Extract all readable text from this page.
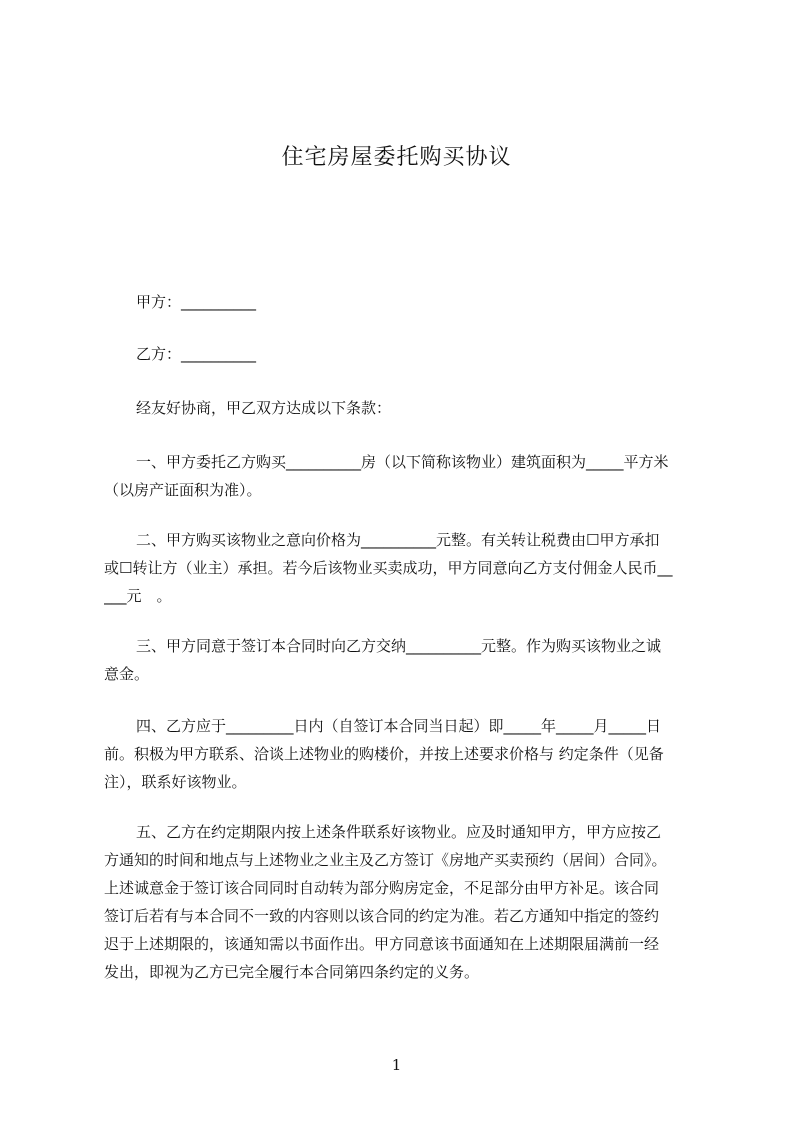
住宅房屋委托购买协议
甲方：__________
乙方：__________
经友好协商，甲乙双方达成以下条款：
一、甲方委托乙方购买__________房（以下简称该物业）建筑面积为_____平方米
（以房产证面积为准）。
二、甲方购买该物业之意向价格为__________元整。有关转让税费由☐甲方承扣
或☐转让方（业主）承担。若今后该物业买卖成功，甲方同意向乙方支付佣金人民币__
___元　。
三、甲方同意于签订本合同时向乙方交纳__________元整。作为购买该物业之诚
意金。
四、乙方应于_________日内（自签订本合同当日起）即_____年_____月_____日
前。积极为甲方联系、洽谈上述物业的购楼价，并按上述要求价格与 约定条件（见备
注），联系好该物业。
五、乙方在约定期限内按上述条件联系好该物业。应及时通知甲方，甲方应按乙
方通知的时间和地点与上述物业之业主及乙方签订《房地产买卖预约（居间）合同》。
上述诚意金于签订该合同同时自动转为部分购房定金，不足部分由甲方补足。该合同
签订后若有与本合同不一致的内容则以该合同的约定为准。若乙方通知中指定的签约
迟于上述期限的，该通知需以书面作出。甲方同意该书面通知在上述期限届满前一经
发出，即视为乙方已完全履行本合同第四条约定的义务。
1
